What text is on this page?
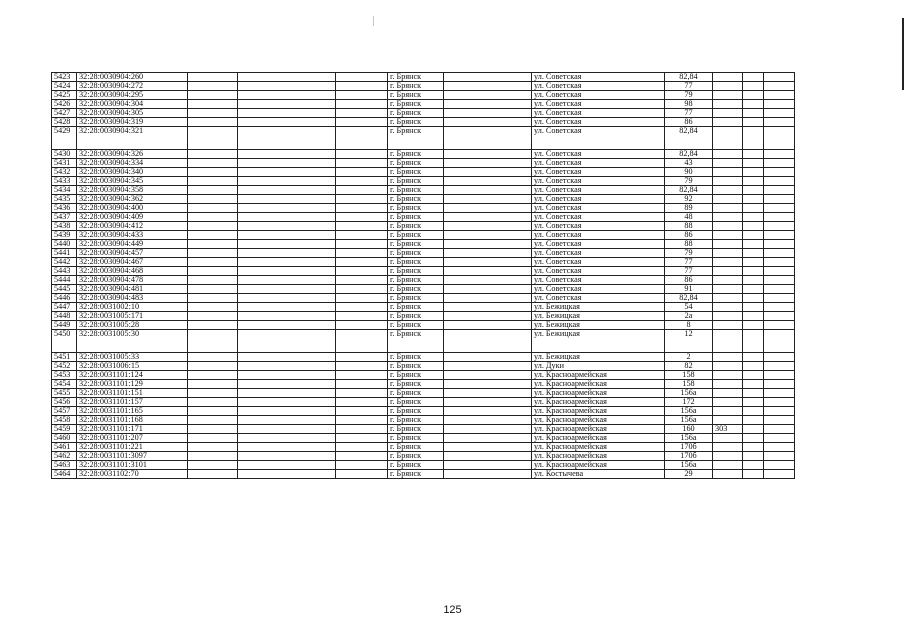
5423	32:28:0030904:260				г. Брянск		ул. Советская	82,84			
5424	32:28:0030904:272				г. Брянск		ул. Советская	77			
5425	32:28:0030904:295				г. Брянск		ул. Советская	79			
5426	32:28:0030904:304				г. Брянск		ул. Советская	98			
5427	32:28:0030904:305				г. Брянск		ул. Советская	77			
5428	32:28:0030904:319				г. Брянск		ул. Советская	86			
5429	32:28:0030904:321				г. Брянск		ул. Советская	82,84			
5430	32:28:0030904:326				г. Брянск		ул. Советская	82,84			
5431	32:28:0030904:334				г. Брянск		ул. Советская	43			
5432	32:28:0030904:340				г. Брянск		ул. Советская	90			
5433	32:28:0030904:345				г. Брянск		ул. Советская	79			
5434	32:28:0030904:358				г. Брянск		ул. Советская	82,84			
5435	32:28:0030904:362				г. Брянск		ул. Советская	92			
5436	32:28:0030904:400				г. Брянск		ул. Советская	89			
5437	32:28:0030904:409				г. Брянск		ул. Советская	48			
5438	32:28:0030904:412				г. Брянск		ул. Советская	88			
5439	32:28:0030904:433				г. Брянск		ул. Советская	86			
5440	32:28:0030904:449				г. Брянск		ул. Советская	88			
5441	32:28:0030904:457				г. Брянск		ул. Советская	79			
5442	32:28:0030904:467				г. Брянск		ул. Советская	77			
5443	32:28:0030904:468				г. Брянск		ул. Советская	77			
5444	32:28:0030904:478				г. Брянск		ул. Советская	86			
5445	32:28:0030904:481				г. Брянск		ул. Советская	91			
5446	32:28:0030904:483				г. Брянск		ул. Советская	82,84			
5447	32:28:0031002:10				г. Брянск		ул. Бежицкая	54			
5448	32:28:0031005:171				г. Брянск		ул. Бежицкая	2а			
5449	32:28:0031005:28				г. Брянск		ул. Бежицкая	8			
5450	32:28:0031005:30				г. Брянск		ул. Бежицкая	12			
5451	32:28:0031005:33				г. Брянск		ул. Бежицкая	2			
5452	32:28:0031006:15				г. Брянск		ул. Дуки	82			
5453	32:28:0031101:124				г. Брянск		ул. Красноармейская	158			
5454	32:28:0031101:129				г. Брянск		ул. Красноармейская	158			
5455	32:28:0031101:151				г. Брянск		ул. Красноармейская	156а			
5456	32:28:0031101:157				г. Брянск		ул. Красноармейская	172			
5457	32:28:0031101:165				г. Брянск		ул. Красноармейская	156а			
5458	32:28:0031101:168				г. Брянск		ул. Красноармейская	156а			
5459	32:28:0031101:171				г. Брянск		ул. Красноармейская	160	303		
5460	32:28:0031101:207				г. Брянск		ул. Красноармейская	156а			
5461	32:28:0031101:221				г. Брянск		ул. Красноармейская	170б			
5462	32:28:0031101:3097				г. Брянск		ул. Красноармейская	170б			
5463	32:28:0031101:3101				г. Брянск		ул. Красноармейская	156а			
5464	32:28:0031102:70				г. Брянск		ул. Костычева	29			
125
